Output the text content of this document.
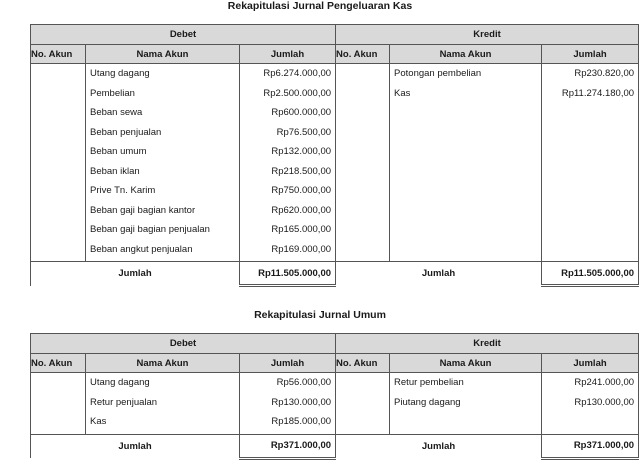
Rekapitulasi Jurnal Pengeluaran Kas
Debet			Kredit		
No. Akun	Nama Akun	Jumlah	No. Akun	Nama Akun	Jumlah
	Utang dagang	Rp6.274.000,00		Potongan pembelian	Rp230.820,00
	Pembelian	Rp2.500.000,00		Kas	Rp11.274.180,00
	Beban sewa	Rp600.000,00			
	Beban penjualan	Rp76.500,00			
	Beban umum	Rp132.000,00			
	Beban iklan	Rp218.500,00			
	Prive Tn. Karim	Rp750.000,00			
	Beban gaji bagian kantor	Rp620.000,00			
	Beban gaji bagian penjualan	Rp165.000,00			
	Beban angkut penjualan	Rp169.000,00			

Jumlah		Rp11.505.000,00	Jumlah		Rp11.505.000,00
Rekapitulasi Jurnal Umum
Debet			Kredit		
No. Akun	Nama Akun	Jumlah	No. Akun	Nama Akun	Jumlah
	Utang dagang	Rp56.000,00		Retur pembelian	Rp241.000,00
	Retur penjualan	Rp130.000,00		Piutang dagang	Rp130.000,00
	Kas	Rp185.000,00			

Jumlah		Rp371.000,00	Jumlah		Rp371.000,00
